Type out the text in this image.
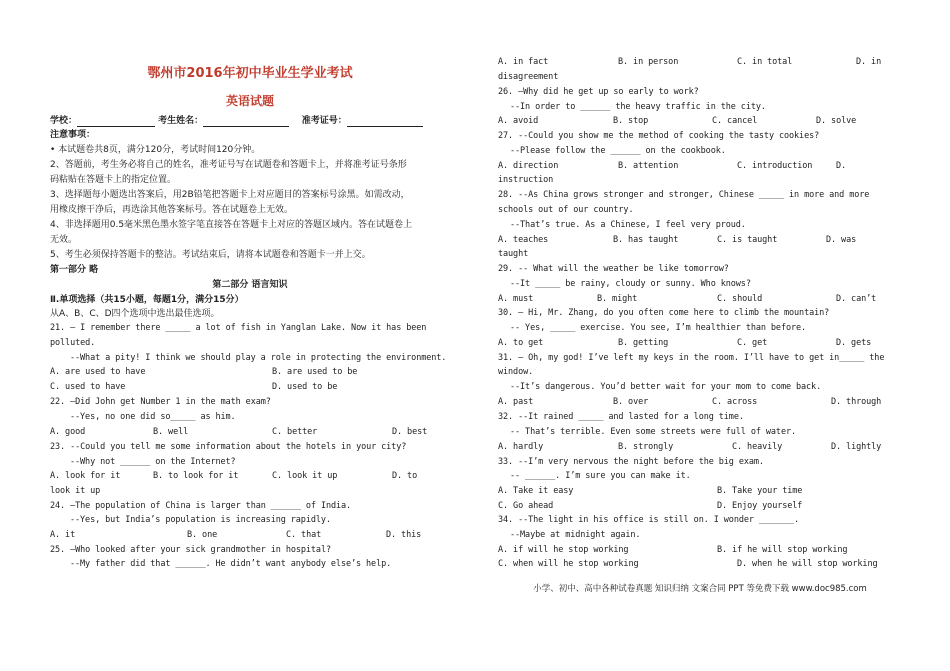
鄂州市2016年初中毕业生学业考试
英语试题
学校：	考生姓名：	准考证号：
注意事项：
• 本试题卷共8页，满分120分，考试时间120分钟。
2、答题前，考生务必将自己的姓名，准考证号写在试题卷和答题卡上，并将准考证号条形
码粘贴在答题卡上的指定位置。
3、选择题每小题选出答案后，用2B铅笔把答题卡上对应题目的答案标号涂黑。如需改动，
用橡皮擦干净后，再选涂其他答案标号。答在试题卷上无效。
4、非选择题用0.5毫米黑色墨水签字笔直接答在答题卡上对应的答题区域内。答在试题卷上
无效。
5、考生必须保持答题卡的整洁。考试结束后，请将本试题卷和答题卡一并上交。
第一部分 略
第二部分 语言知识
Ⅱ.单项选择（共15小题，每题1分，满分15分）
从A、B、C、D四个选项中选出最佳选项。
21. – I remember there _____ a lot of fish in Yanglan Lake. Now it has been
polluted.
--What a pity! I think we should play a role in protecting the environment.
A. are used to have	B. are used to be
C. used to have	D. used to be
22. –Did John get Number 1 in the math exam?
--Yes, no one did so_____ as him.
A. good	B. well	C. better	D. best
23. --Could you tell me some information about the hotels in your city?
--Why not ______ on the Internet?
A. look for it	B. to look for it	C. look it up	D. to
look it up
24. —The population of China is larger than ______ of India.
--Yes, but India’s population is increasing rapidly.
A. it	B. one	C. that	D. this
25. –Who looked after your sick grandmother in hospital?
--My father did that ______. He didn’t want anybody else’s help.
A. in fact	B. in person	C. in total	D. in
disagreement
26. –Why did he get up so early to work?
--In order to ______ the heavy traffic in the city.
A. avoid	B. stop	C. cancel	D. solve
27. --Could you show me the method of cooking the tasty cookies?
--Please follow the ______ on the cookbook.
A. direction	B. attention	C. introduction	D.
instruction
28. --As China grows stronger and stronger, Chinese _____ in more and more
schools out of our country.
--That’s true. As a Chinese, I feel very proud.
A. teaches	B. has taught	C. is taught	D. was
taught
29. -- What will the weather be like tomorrow?
--It _____ be rainy, cloudy or sunny. Who knows?
A. must	B. might	C. should	D. can’t
30. – Hi, Mr. Zhang, do you often come here to climb the mountain?
-- Yes, _____ exercise. You see, I’m healthier than before.
A. to get	B. getting	C. get	D. gets
31. – Oh, my god! I’ve left my keys in the room. I’ll have to get in_____ the
window.
--It’s dangerous. You’d better wait for your mom to come back.
A. past	B. over	C. across	D. through
32. --It rained _____ and lasted for a long time.
-- That’s terrible. Even some streets were full of water.
A. hardly	B. strongly	C. heavily	D. lightly
33. --I’m very nervous the night before the big exam.
-- ______. I’m sure you can make it.
A. Take it easy	B. Take your time
C. Go ahead	D. Enjoy yourself
34. --The light in his office is still on. I wonder _______.
--Maybe at midnight again.
A. if will he stop working	B. if he will stop working
C. when will he stop working	D. when he will stop working
小学、初中、高中各种试卷真题 知识归纳 文案合同 PPT 等免费下载 www.doc985.com
